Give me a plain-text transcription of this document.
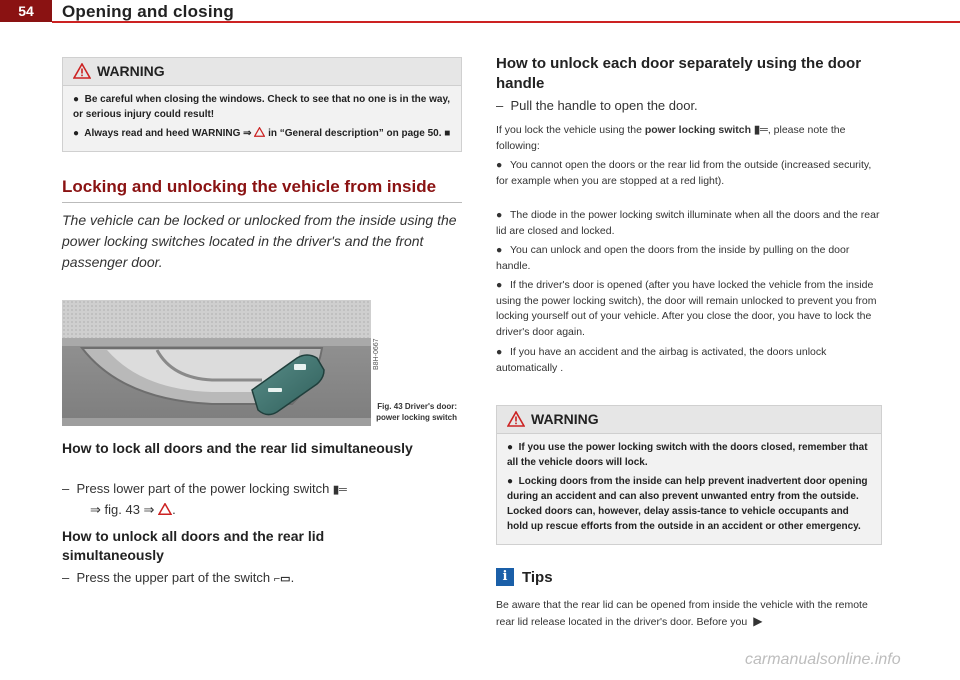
54	Opening and closing
WARNING

●  Be careful when closing the windows. Check to see that no one is in the way, or serious injury could result!

●  Always read and heed WARNING ⇒  in “General description” on page 50. ■

Locking and unlocking the vehicle from inside

The vehicle can be locked or unlocked from the inside using the power locking switches located in the driver's and the front passenger door.

B8H-0667
Fig. 43 Driver's door: power locking switch

How to lock all doors and the rear lid simultaneously

–  Press lower part of the power locking switch ▮═
⇒ fig. 43 ⇒ .

How to unlock all doors and the rear lid simultaneously

–  Press the upper part of the switch ⌐▭.

How to unlock each door separately using the door handle

–  Pull the handle to open the door.

If you lock the vehicle using the power locking switch ▮═, please note the following:

● You cannot open the doors or the rear lid from the outside (increased security, for example when you are stopped at a red light).

● The diode in the power locking switch illuminate when all the doors and the rear lid are closed and locked.

● You can unlock and open the doors from the inside by pulling on the door handle.

● If the driver's door is opened (after you have locked the vehicle from the inside using the power locking switch), the door will remain unlocked to prevent you from locking yourself out of your vehicle. After you close the door, you have to lock the driver's door again.

● If you have an accident and the airbag is activated, the doors unlock automatically .

WARNING

●  If you use the power locking switch with the doors closed, remember that all the vehicle doors will lock.

●  Locking doors from the inside can help prevent inadvertent door opening during an accident and can also prevent unwanted entry from the outside. Locked doors can, however, delay assis-tance to vehicle occupants and hold up rescue efforts from the outside in an accident or other emergency.

i Tips

Be aware that the rear lid can be opened from inside the vehicle with the remote rear lid release located in the driver's door. Before you ▶

carmanualsonline.info
